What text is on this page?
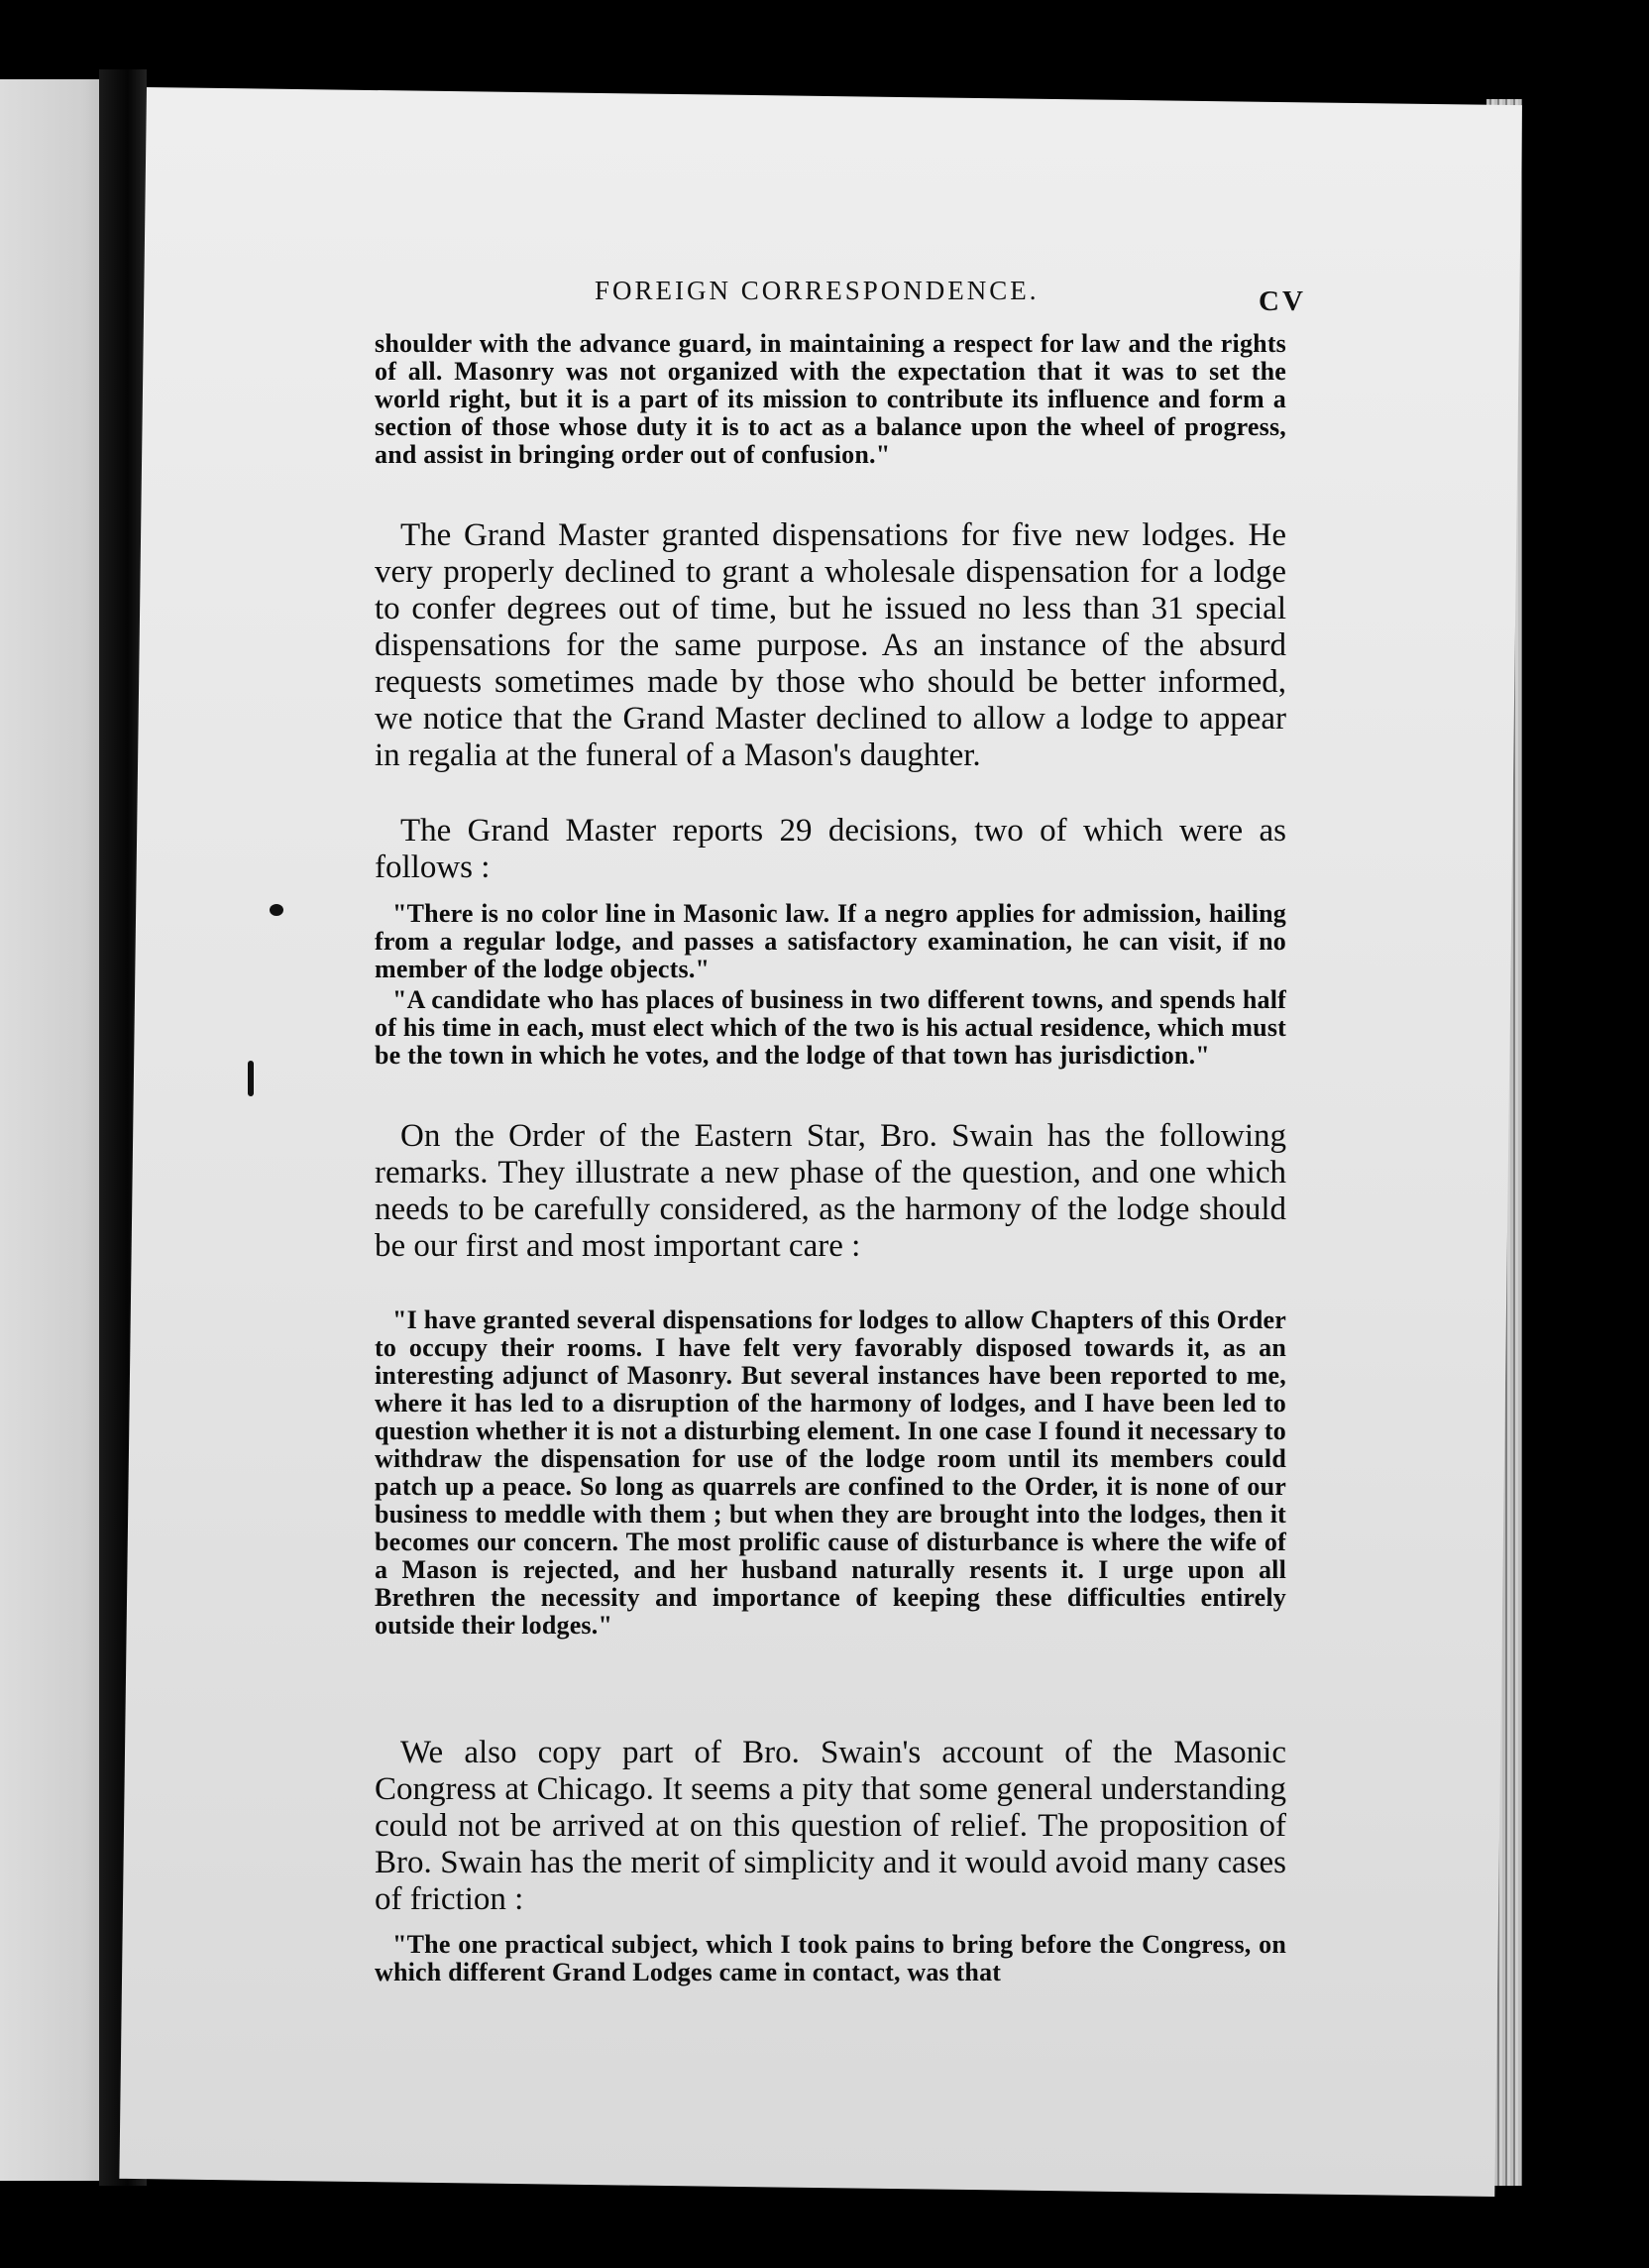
FOREIGN CORRESPONDENCE.	CV

shoulder with the advance guard, in maintaining a respect for law and the rights of all. Masonry was not organized with the expectation that it was to set the world right, but it is a part of its mission to contribute its influence and form a section of those whose duty it is to act as a balance upon the wheel of progress, and assist in bringing order out of confusion."

The Grand Master granted dispensations for five new lodges. He very properly declined to grant a wholesale dispensation for a lodge to confer degrees out of time, but he issued no less than 31 special dispensations for the same purpose. As an instance of the absurd requests sometimes made by those who should be better informed, we notice that the Grand Master declined to allow a lodge to appear in regalia at the funeral of a Mason's daughter.

The Grand Master reports 29 decisions, two of which were as follows :

"There is no color line in Masonic law. If a negro applies for admission, hailing from a regular lodge, and passes a satisfactory examination, he can visit, if no member of the lodge objects."

"A candidate who has places of business in two different towns, and spends half of his time in each, must elect which of the two is his actual residence, which must be the town in which he votes, and the lodge of that town has jurisdiction."

On the Order of the Eastern Star, Bro. Swain has the following remarks. They illustrate a new phase of the question, and one which needs to be carefully considered, as the harmony of the lodge should be our first and most important care :

"I have granted several dispensations for lodges to allow Chapters of this Order to occupy their rooms. I have felt very favorably disposed towards it, as an interesting adjunct of Masonry. But several instances have been reported to me, where it has led to a disruption of the harmony of lodges, and I have been led to question whether it is not a disturbing element. In one case I found it necessary to withdraw the dispensation for use of the lodge room until its members could patch up a peace. So long as quarrels are confined to the Order, it is none of our business to meddle with them ; but when they are brought into the lodges, then it becomes our concern. The most prolific cause of disturbance is where the wife of a Mason is rejected, and her husband naturally resents it. I urge upon all Brethren the necessity and importance of keeping these difficulties entirely outside their lodges."

We also copy part of Bro. Swain's account of the Masonic Congress at Chicago. It seems a pity that some general understanding could not be arrived at on this question of relief. The proposition of Bro. Swain has the merit of simplicity and it would avoid many cases of friction :

"The one practical subject, which I took pains to bring before the Congress, on which different Grand Lodges came in contact, was that
